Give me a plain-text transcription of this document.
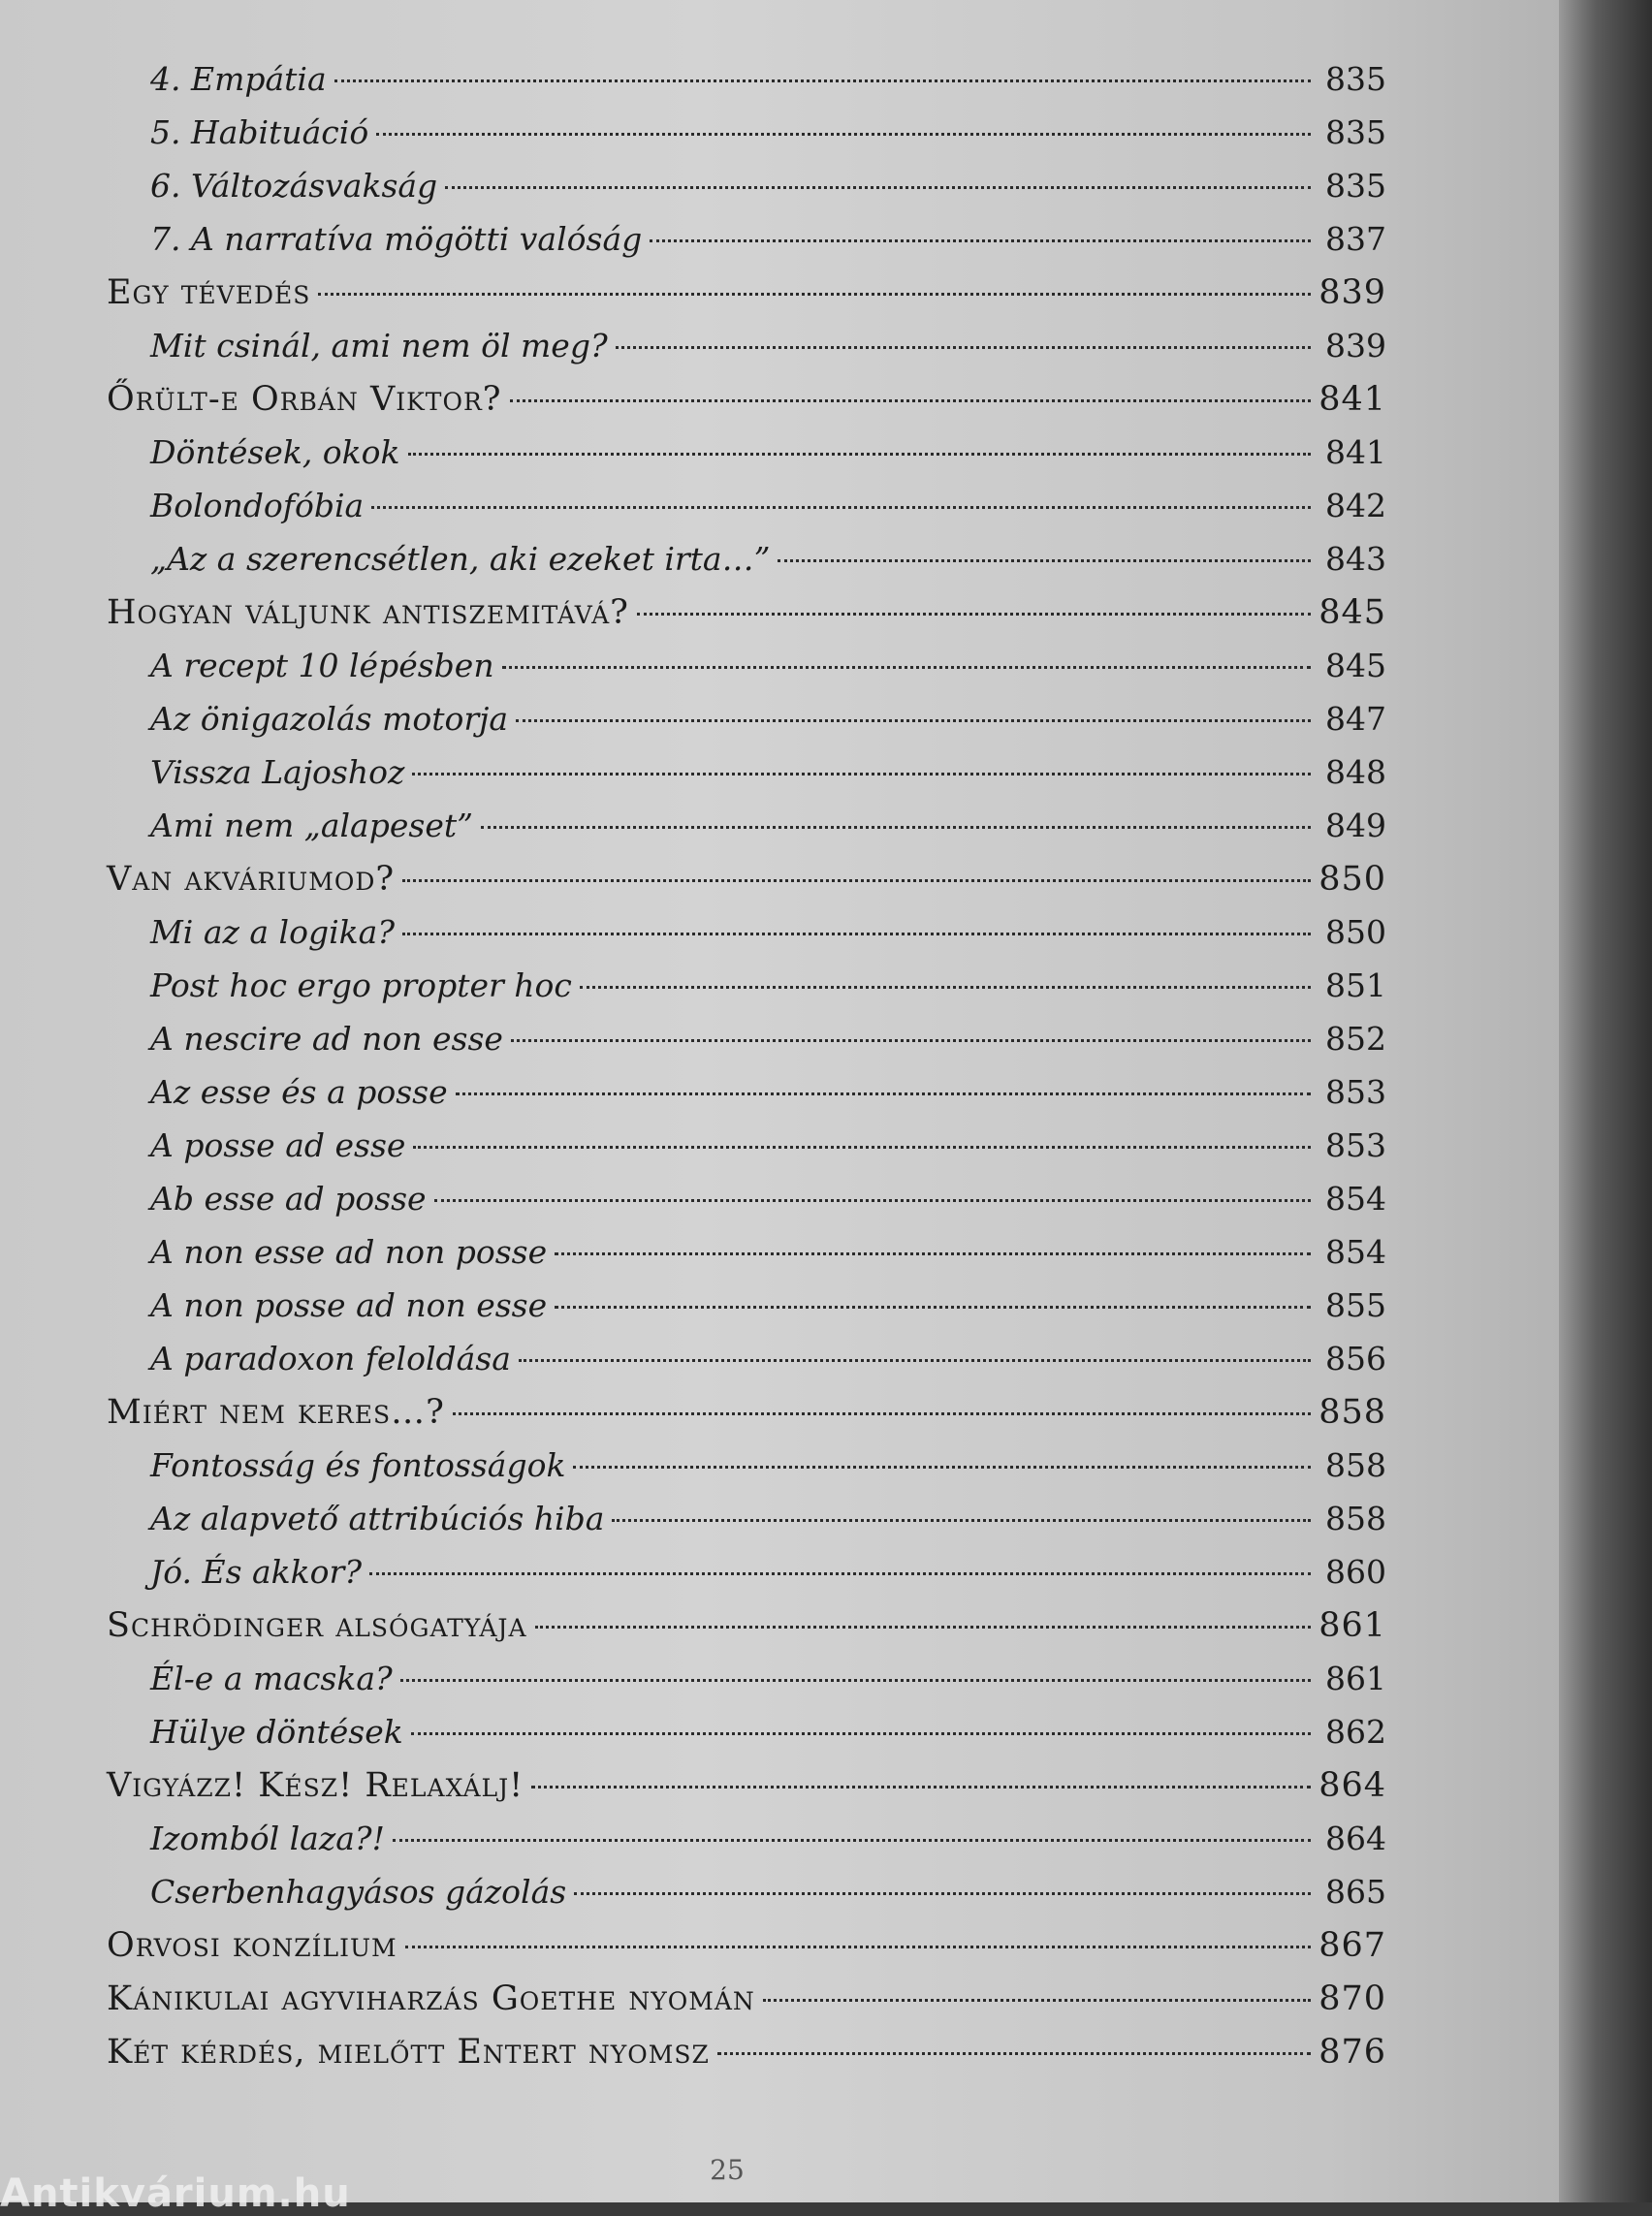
4. Empátia	835
5. Habituáció	835
6. Változásvakság	835
7. A narratíva mögötti valóság	837
Egy tévedés	839
Mit csinál, ami nem öl meg?	839
Őrült-e Orbán Viktor?	841
Döntések, okok	841
Bolondofóbia	842
„Az a szerencsétlen, aki ezeket irta…”	843
Hogyan váljunk antiszemitává?	845
A recept 10 lépésben	845
Az önigazolás motorja	847
Vissza Lajoshoz	848
Ami nem „alapeset”	849
Van akváriumod?	850
Mi az a logika?	850
Post hoc ergo propter hoc	851
A nescire ad non esse	852
Az esse és a posse	853
A posse ad esse	853
Ab esse ad posse	854
A non esse ad non posse	854
A non posse ad non esse	855
A paradoxon feloldása	856
Miért nem keres…?	858
Fontosság és fontosságok	858
Az alapvető attribúciós hiba	858
Jó. És akkor?	860
Schrödinger alsógatyája	861
Él-e a macska?	861
Hülye döntések	862
Vigyázz! Kész! Relaxálj!	864
Izomból laza?!	864
Cserbenhagyásos gázolás	865
Orvosi konzílium	867
Kánikulai agyviharzás Goethe nyomán	870
Két kérdés, mielőtt Entert nyomsz	876
25
Antikvárium.hu
